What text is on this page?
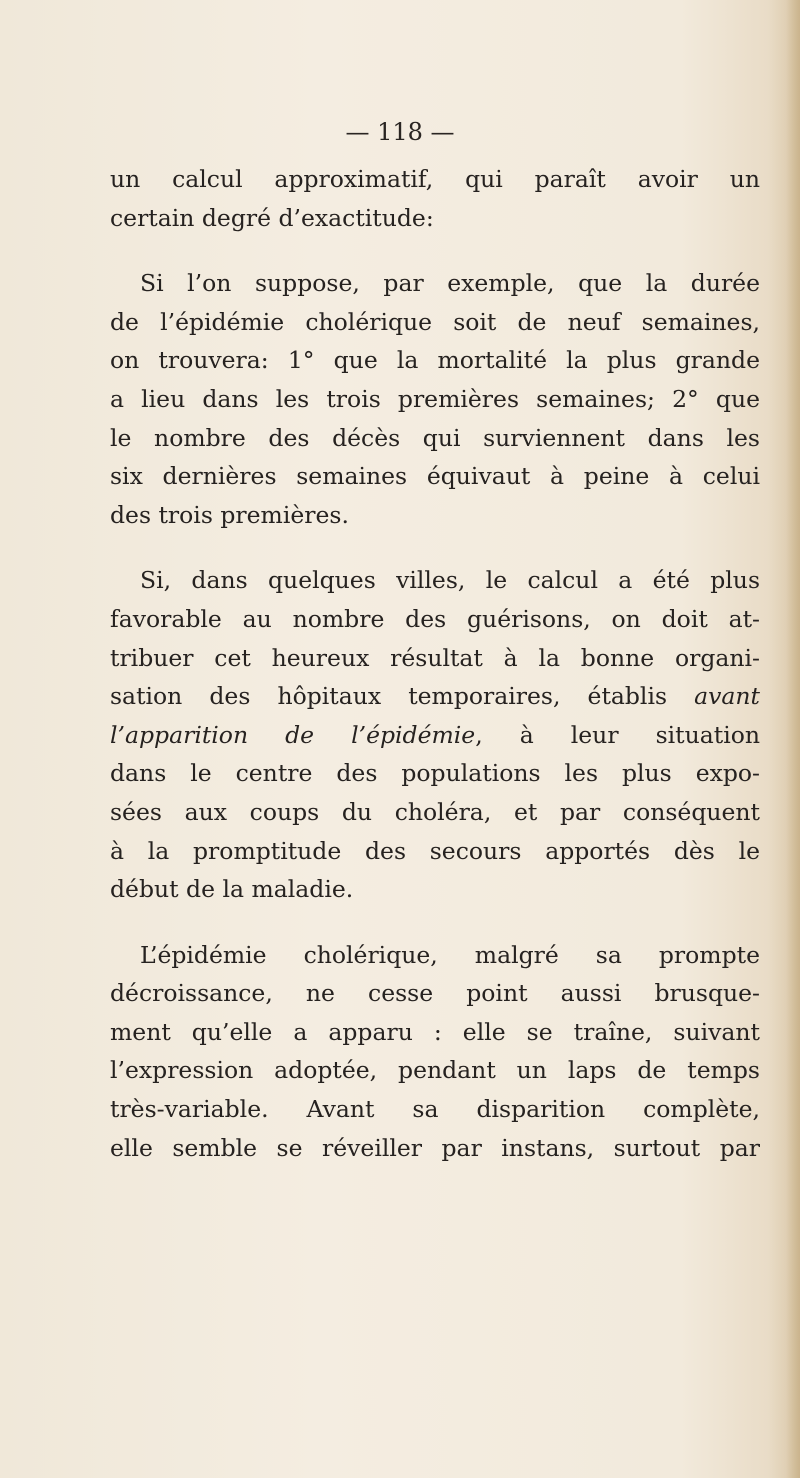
— 118 —

un calcul approximatif, qui paraît avoir un
certain degré d’exactitude:

Si l’on suppose, par exemple, que la durée
de l’épidémie cholérique soit de neuf semaines,
on trouvera: 1° que la mortalité la plus grande
a lieu dans les trois premières semaines; 2° que
le nombre des décès qui surviennent dans les
six dernières semaines équivaut à peine à celui
des trois premières.

Si, dans quelques villes, le calcul a été plus
favorable au nombre des guérisons, on doit at-
tribuer cet heureux résultat à la bonne organi-
sation des hôpitaux temporaires, établis avant
l’apparition de l’épidémie, à leur situation
dans le centre des populations les plus expo-
sées aux coups du choléra, et par conséquent
à la promptitude des secours apportés dès le
début de la maladie.

L’épidémie cholérique, malgré sa prompte
décroissance, ne cesse point aussi brusque-
ment qu’elle a apparu : elle se traîne, suivant
l’expression adoptée, pendant un laps de temps
très-variable. Avant sa disparition complète,
elle semble se réveiller par instans, surtout par
